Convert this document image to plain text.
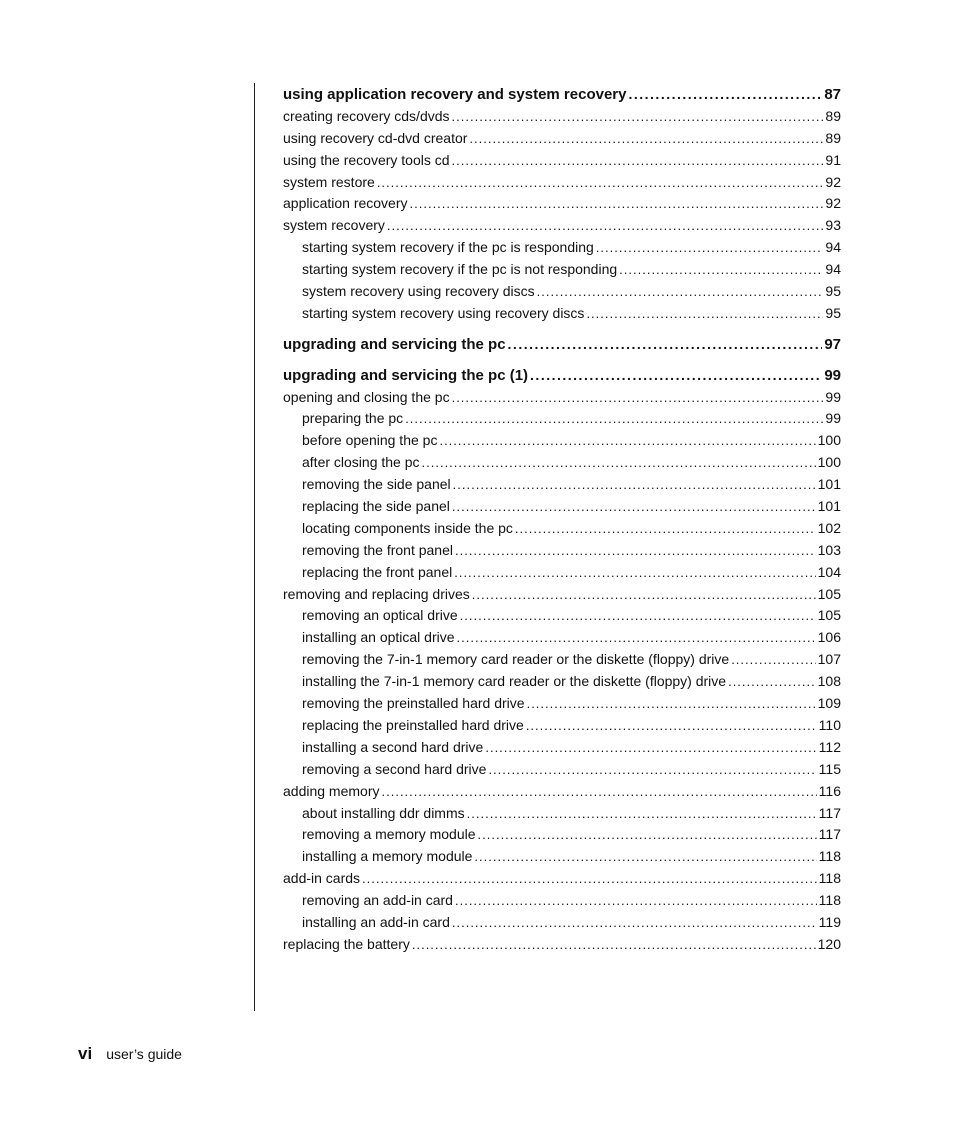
using application recovery and system recovery .....	87
creating recovery cds/dvds .....	89
using recovery cd-dvd creator .....	89
using the recovery tools cd .....	91
system restore .....	92
application recovery .....	92
system recovery .....	93
starting system recovery if the pc is responding .....	94
starting system recovery if the pc is not responding .....	94
system recovery using recovery discs .....	95
starting system recovery using recovery discs .....	95
upgrading and servicing the pc .....	97
upgrading and servicing the pc (1) .....	99
opening and closing the pc .....	99
preparing the pc .....	99
before opening the pc .....	100
after closing the pc .....	100
removing the side panel .....	101
replacing the side panel .....	101
locating components inside the pc .....	102
removing the front panel .....	103
replacing the front panel .....	104
removing and replacing drives .....	105
removing an optical drive .....	105
installing an optical drive .....	106
removing the 7-in-1 memory card reader or the diskette (floppy) drive .....	107
installing the 7-in-1 memory card reader or the diskette (floppy) drive .....	108
removing the preinstalled hard drive .....	109
replacing the preinstalled hard drive .....	110
installing a second hard drive .....	112
removing a second hard drive .....	115
adding memory .....	116
about installing ddr dimms .....	117
removing a memory module .....	117
installing a memory module .....	118
add-in cards .....	118
removing an add-in card .....	118
installing an add-in card .....	119
replacing the battery .....	120
vi user’s guide
